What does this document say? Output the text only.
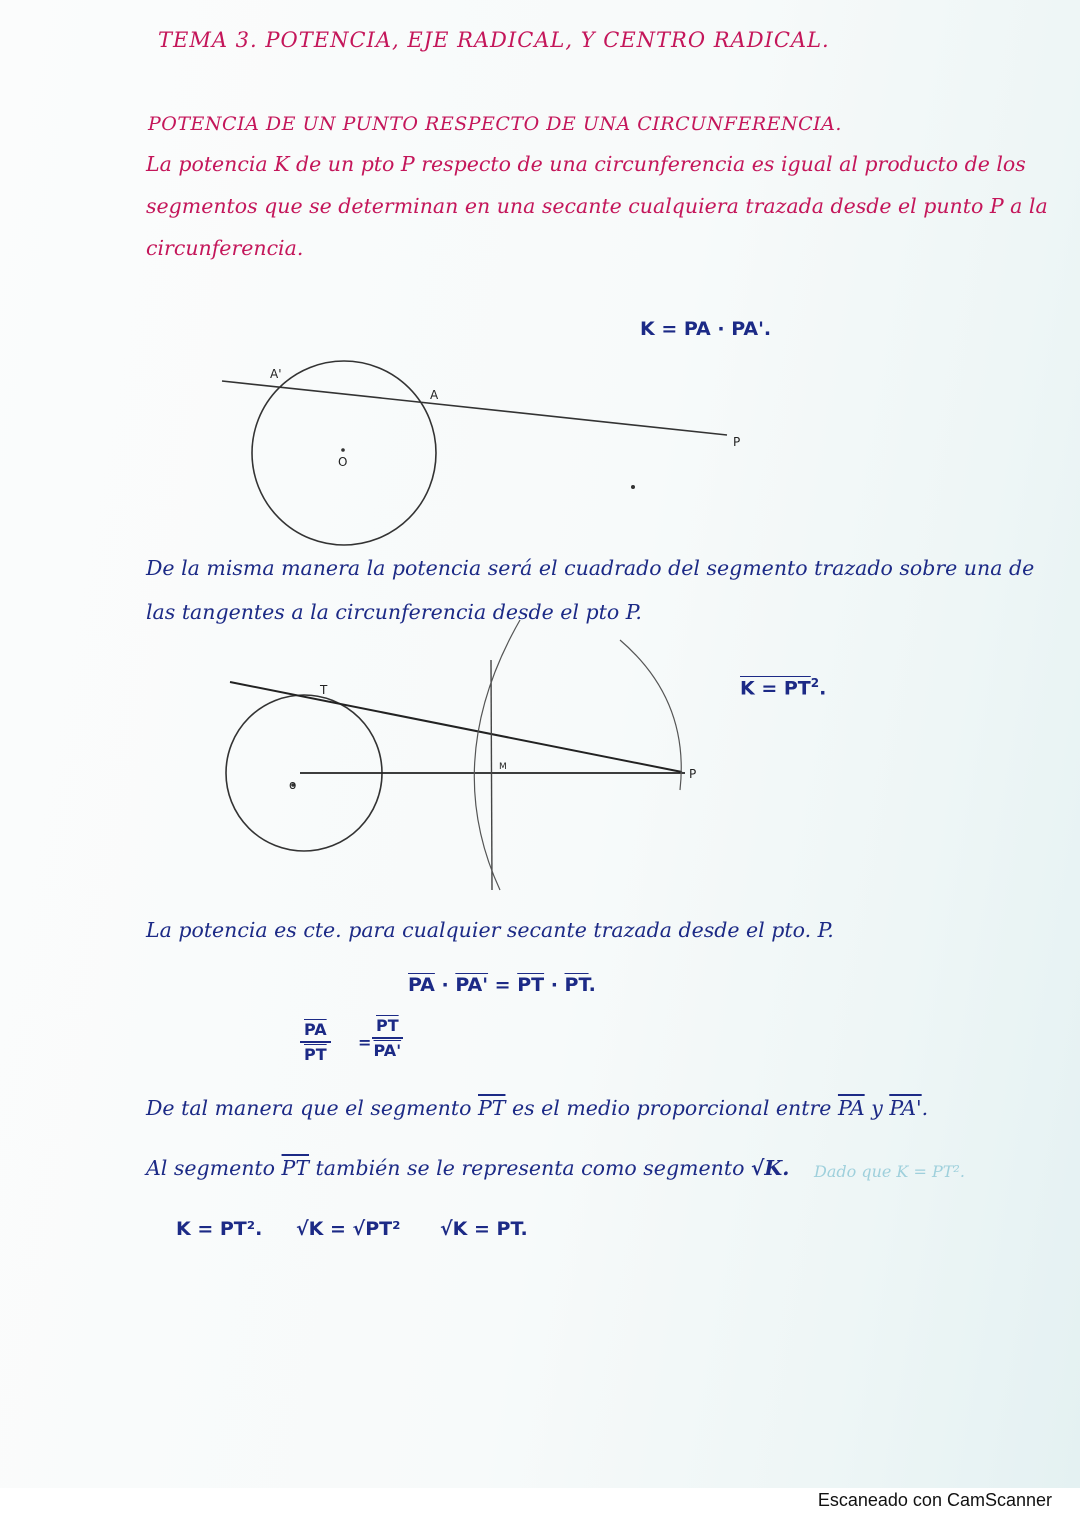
TEMA 3. POTENCIA, EJE RADICAL, Y CENTRO RADICAL.
POTENCIA DE UN PUNTO RESPECTO DE UNA CIRCUNFERENCIA.
La potencia K de un pto P respecto de una circunferencia es igual al producto de los
segmentos que se determinan en una secante cualquiera trazada desde el punto P a la
circunferencia.
K = PA · PA'.
A'
A
O
P
De la misma manera la potencia será el cuadrado del segmento trazado sobre una de
las tangentes a la circunferencia desde el pto P.
$K = PT^2$.
T
o
M	P
La potencia es cte. para cualquier secante trazada desde el pto. P.
$\overline{PA} \cdot PA' = \overline{PT} \cdot \overline{PT}$.
$\frac{\overline{PA}}{PT} = \frac{\overline{PT}}{PA'}$
De tal manera que el segmento $\overline{PT}$ es el medio proporcional entre $\overline{PA}$ y PA'.
Al segmento $\overline{PT}$ también se le representa como segmento √K. Dado que K = PT².
K = PT². √K = √PT² √K = PT.
Escaneado con CamScanner
